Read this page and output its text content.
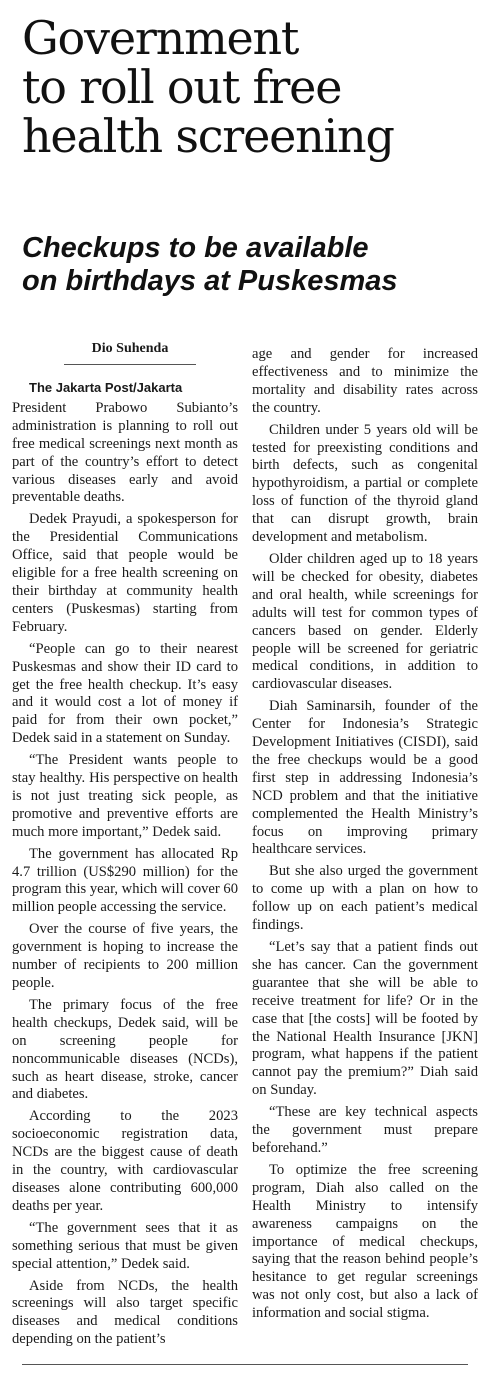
Government
to roll out free
health screening
Checkups to be available
on birthdays at Puskesmas
Dio Suhenda

The Jakarta Post/Jakarta

President Prabowo Subianto’s administration is planning to roll out free medical screenings next month as part of the country’s effort to detect various diseases early and avoid preventable deaths.

Dedek Prayudi, a spokesperson for the Presidential Communications Office, said that people would be eligible for a free health screening on their birthday at community health centers (Puskesmas) starting from February.

“People can go to their nearest Puskesmas and show their ID card to get the free health checkup. It’s easy and it would cost a lot of money if paid for from their own pocket,” Dedek said in a statement on Sunday.

“The President wants people to stay healthy. His perspective on health is not just treating sick people, as promotive and preventive efforts are much more important,” Dedek said.

The government has allocated Rp 4.7 trillion (US$290 million) for the program this year, which will cover 60 million people accessing the service.

Over the course of five years, the government is hoping to increase the number of recipients to 200 million people.

The primary focus of the free health checkups, Dedek said, will be on screening people for noncommunicable diseases (NCDs), such as heart disease, stroke, cancer and diabetes.

According to the 2023 socioeconomic registration data, NCDs are the biggest cause of death in the country, with cardiovascular diseases alone contributing 600,000 deaths per year.

“The government sees that it as something serious that must be given special attention,” Dedek said.

Aside from NCDs, the health screenings will also target specific diseases and medical conditions depending on the patient’s

age and gender for increased effectiveness and to minimize the mortality and disability rates across the country.

Children under 5 years old will be tested for preexisting conditions and birth defects, such as congenital hypothyroidism, a partial or complete loss of function of the thyroid gland that can disrupt growth, brain development and metabolism.

Older children aged up to 18 years will be checked for obesity, diabetes and oral health, while screenings for adults will test for common types of cancers based on gender. Elderly people will be screened for geriatric medical conditions, in addition to cardiovascular diseases.

Diah Saminarsih, founder of the Center for Indonesia’s Strategic Development Initiatives (CISDI), said the free checkups would be a good first step in addressing Indonesia’s NCD problem and that the initiative complemented the Health Ministry’s focus on improving primary healthcare services.

But she also urged the government to come up with a plan on how to follow up on each patient’s medical findings.

“Let’s say that a patient finds out she has cancer. Can the government guarantee that she will be able to receive treatment for life? Or in the case that [the costs] will be footed by the National Health Insurance [JKN] program, what happens if the patient cannot pay the premium?” Diah said on Sunday.

“These are key technical aspects the government must prepare beforehand.”

To optimize the free screening program, Diah also called on the Health Ministry to intensify awareness campaigns on the importance of medical checkups, saying that the reason behind people’s hesitance to get regular screenings was not only cost, but also a lack of information and social stigma.
